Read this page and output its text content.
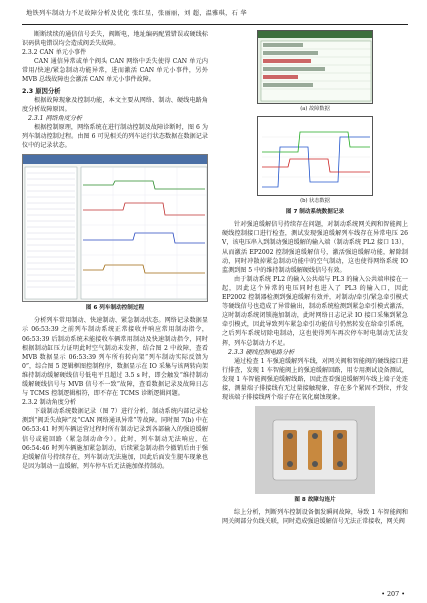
地铁列车制动力不足故障分析及优化 张红星，张丽丽，刘 超，温雅琪，石 华

断断续续的通信信号丢失，阀断电，地址编码配置错误或硬线标识码供电错误均会造成阀丢失故障。

2.3.2 CAN 单元小事件

CAN 通信异常或单个阀头 CAN 网络中丢失使得 CAN 单元内常用/快速/紧急制动功能异常，进而激活 CAN 单元小事件，另外 MVB 总线故障也会激活 CAN 单元小事件故障。

2.3 原因分析

根据故障现象及控制功能，本文主要从网络、制动、硬线电路角度分析故障原因。

2.3.1 网络角度分析

根据控制原理，网络系统在进行制动控制及故障诊断时，图 6 为列车制动控制过程。由图 6 可见相关的列车运行状态数据在数据记录仪中的记录状态。

图 6 列车制动控制过程

分析列车常用制动、快速制动、紧急制动状态。网络记录数据显示 06:53:39 之前列车制动系统正常接收并响应常用制动指令，06:53:39 后制动系统未能接收车辆常用制动及快速制动指令，同时根据制动缸压力证明此时空气制动未发挥，结合图 2 中故障，查看 MVB 数据显示 06:53:39 列车所有转向架“列车制动实际反馈为 0”，综合图 5 逻辑框图控制程序，数据显示在 IO 采集与该两转向架维持制动缓解硬线信号低电平且超过 3.5 s 时，即会触发“维持制动缓解硬线信号与 MVB 信号不一致”故障，查看数据记录及故障日志与 TCMS 控制逻辑相符，即不存在 TCMS 诊断逻辑问题。

2.3.2 制动角度分析

下载制动系统数据记录（图 7）进行分析，制动系统内部记录检测到“阀丢失故障”及“CAN 网络通讯异常”等故障。同时图 7(b) 中在 06:53:41 时列车辆运营过程时所有制动记录到各部输入的强迫缓解信号或能回路（紧急制动命令）。此时，列车制动无法响应，在 06:54:46 时列车辆施加紧急制动，后续紧急制动指令撤销后由于强迫缓解信号持续存在，列车制动无法施加，因此后面发生腿车现象也是因为制动一直缓解，列车停车后无法施加保持制动。

(a) 故障数据

(b) 状态数据

图 7 制动系统数据记录

针对强迫缓解信号持续存在问题，对制动系统网关阀和智能阀上硬线控制接口进行检查，测试发现强迫缓解列车线存在异常电压 26 V，该电压串入到制动强迫缓解的输入端（制动系统 PL2 接口 13），从而激活 EP2002 控制强迫缓解信号，激活强迫缓解功能，解除制动，同时冲散掉紧急制动功能中的空气制动，这也使得网络系统 IO 监测到图 5 中的维持制动缓解硬线信号有效。

由于制动系统 PL2 的输入公共端与 PL3 的输入公共端串接在一起，因此这个异常的电压同时也进入了 PL3 的输入口，因此 EP2002 控制器检测到强迫缓解有效并，对制动/牵引/紧急牵引模式等硬线信号也造成了异常输出，制动系统检测到紧急牵引模式激活，这时制动系统闭锁施加制动，此时网络日志记录 IO 接口采集到紧急牵引模式，因此导致列车紧急牵引功能信号仍然转发在给牵引系统，之后列车系统切除电制动，这也使得列车再次停车时电制动无法发挥，列车总制动力不足。

2.3.3 硬线控制电路分析

通过检查 1 车强迫缓解列车线，对网关阀和智能阀的硬线接口进行排查，发现 1 车智能阀上的强迫缓解回路，用专用测试设备测试，发现 1 车智能阀强迫缓解线路，因此查看强迫缓解列车线上端子处连接，测量端子排接线有无过量接触现象，存在多个紧固不到位，并发现该端子排接线两个端子存在氧化腐蚀现象。

图 8 故障勾连片

综上分析，判断列车控制设备偶发瞬间故障，导致 1 车智能阀和网关阀部分负线关联，同时造成强迫缓解信号无法正常接收，网关阀

• 207 •
